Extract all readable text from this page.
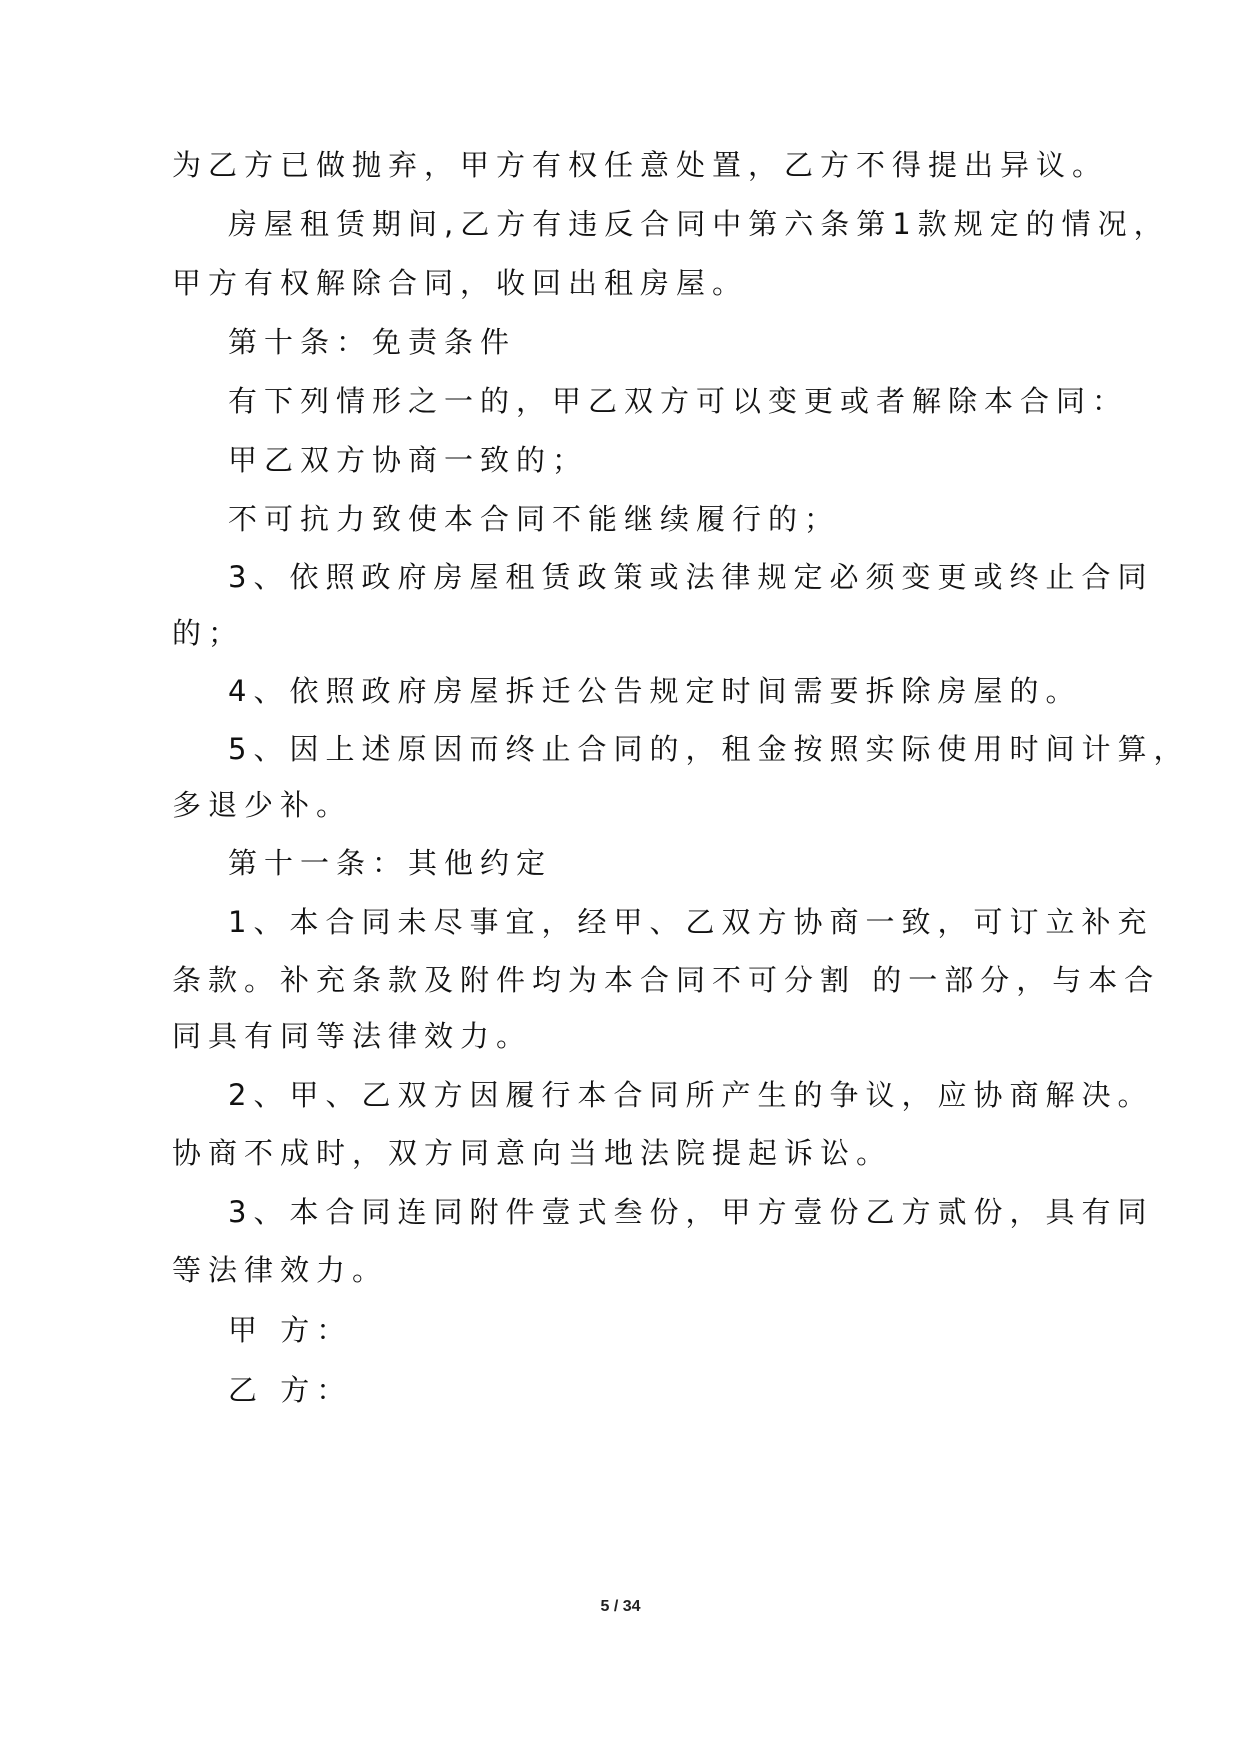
为乙方已做抛弃，甲方有权任意处置，乙方不得提出异议。
房屋租赁期间,乙方有违反合同中第六条第1款规定的情况，
甲方有权解除合同，收回出租房屋。
第十条：免责条件
有下列情形之一的，甲乙双方可以变更或者解除本合同：
甲乙双方协商一致的；
不可抗力致使本合同不能继续履行的；
3、依照政府房屋租赁政策或法律规定必须变更或终止合同
的；
4、依照政府房屋拆迁公告规定时间需要拆除房屋的。
5、因上述原因而终止合同的，租金按照实际使用时间计算，
多退少补。
第十一条：其他约定
1、本合同未尽事宜，经甲、乙双方协商一致，可订立补充
条款。补充条款及附件均为本合同不可分割 的一部分，与本合
同具有同等法律效力。
2、甲、乙双方因履行本合同所产生的争议，应协商解决。
协商不成时，双方同意向当地法院提起诉讼。
3、本合同连同附件壹式叁份，甲方壹份乙方贰份，具有同
等法律效力。
甲 方：
乙 方：
5 / 34
